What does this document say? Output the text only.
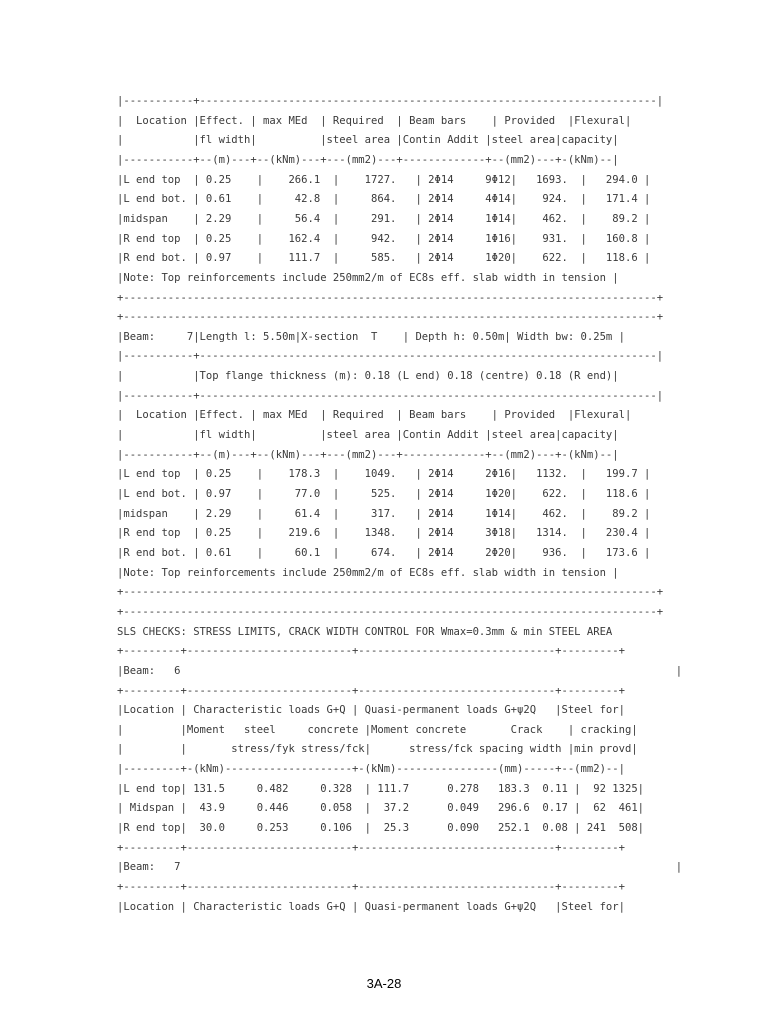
|-----------+------------------------------------------------------------------------|
|  Location |Effect. | max MEd  | Required  | Beam bars    | Provided  |Flexural|
|           |fl width|          |steel area |Contin Addit |steel area|capacity|
|-----------+--(m)---+--(kNm)---+---(mm2)---+-------------+--(mm2)---+-(kNm)--|
|L end top  | 0.25    |    266.1  |    1727.   | 2Φ14     9Φ12|   1693.  |   294.0 |
|L end bot. | 0.61    |     42.8  |     864.   | 2Φ14     4Φ14|    924.  |   171.4 |
|midspan    | 2.29    |     56.4  |     291.   | 2Φ14     1Φ14|    462.  |    89.2 |
|R end top  | 0.25    |    162.4  |     942.   | 2Φ14     1Φ16|    931.  |   160.8 |
|R end bot. | 0.97    |    111.7  |     585.   | 2Φ14     1Φ20|    622.  |   118.6 |
|Note: Top reinforcements include 250mm2/m of EC8s eff. slab width in tension |
+------------------------------------------------------------------------------------+
+------------------------------------------------------------------------------------+
|Beam:     7|Length l: 5.50m|X-section  T    | Depth h: 0.50m| Width bw: 0.25m |
|-----------+------------------------------------------------------------------------|
|           |Top flange thickness (m): 0.18 (L end) 0.18 (centre) 0.18 (R end)|
|-----------+------------------------------------------------------------------------|
|  Location |Effect. | max MEd  | Required  | Beam bars    | Provided  |Flexural|
|           |fl width|          |steel area |Contin Addit |steel area|capacity|
|-----------+--(m)---+--(kNm)---+---(mm2)---+-------------+--(mm2)---+-(kNm)--|
|L end top  | 0.25    |    178.3  |    1049.   | 2Φ14     2Φ16|   1132.  |   199.7 |
|L end bot. | 0.97    |     77.0  |     525.   | 2Φ14     1Φ20|    622.  |   118.6 |
|midspan    | 2.29    |     61.4  |     317.   | 2Φ14     1Φ14|    462.  |    89.2 |
|R end top  | 0.25    |    219.6  |    1348.   | 2Φ14     3Φ18|   1314.  |   230.4 |
|R end bot. | 0.61    |     60.1  |     674.   | 2Φ14     2Φ20|    936.  |   173.6 |
|Note: Top reinforcements include 250mm2/m of EC8s eff. slab width in tension |
+------------------------------------------------------------------------------------+
+------------------------------------------------------------------------------------+
SLS CHECKS: STRESS LIMITS, CRACK WIDTH CONTROL FOR Wmax=0.3mm & min STEEL AREA
+---------+--------------------------+-------------------------------+---------+
|Beam:   6                                                                              |
+---------+--------------------------+-------------------------------+---------+
|Location | Characteristic loads G+Q | Quasi-permanent loads G+ψ2Q   |Steel for|
|         |Moment   steel     concrete |Moment concrete       Crack    | cracking|
|         |       stress/fyk stress/fck|      stress/fck spacing width |min provd|
|---------+-(kNm)--------------------+-(kNm)----------------(mm)-----+--(mm2)--|
|L end top| 131.5     0.482     0.328  | 111.7      0.278   183.3  0.11 |  92 1325|
| Midspan |  43.9     0.446     0.058  |  37.2      0.049   296.6  0.17 |  62  461|
|R end top|  30.0     0.253     0.106  |  25.3      0.090   252.1  0.08 | 241  508|
+---------+--------------------------+-------------------------------+---------+
|Beam:   7                                                                              |
+---------+--------------------------+-------------------------------+---------+
|Location | Characteristic loads G+Q | Quasi-permanent loads G+ψ2Q   |Steel for|
3A-28
